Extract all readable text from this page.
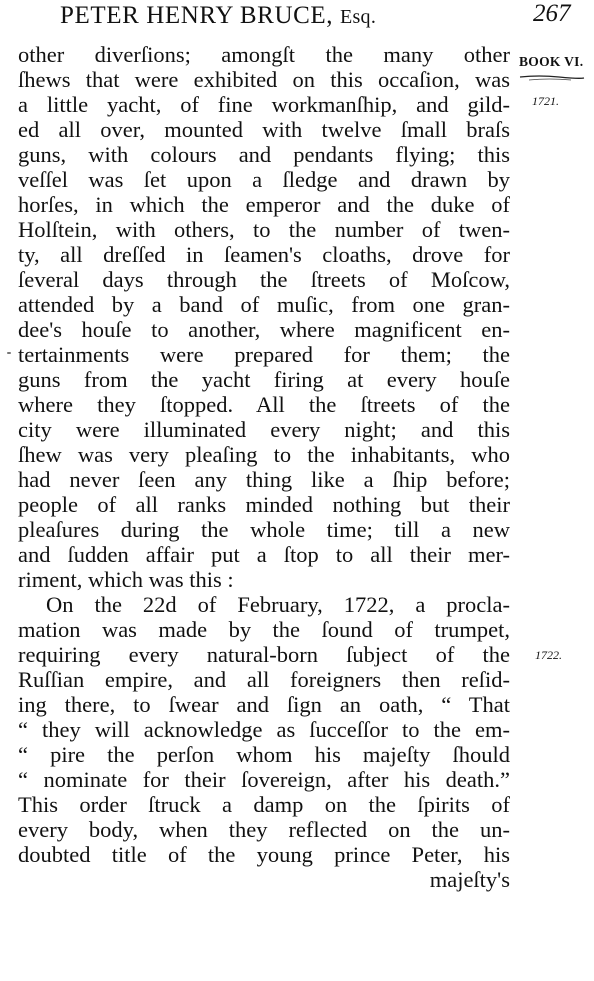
PETER HENRY BRUCE, Esq.	267
BOOK VI.
1721.
1722.
other diverſions; amongſt the many other
ſhews that were exhibited on this occaſion, was
a little yacht, of fine workmanſhip, and gild-
ed all over, mounted with twelve ſmall braſs
guns, with colours and pendants flying; this
veſſel was ſet upon a ſledge and drawn by
horſes, in which the emperor and the duke of
Holſtein, with others, to the number of twen-
ty, all dreſſed in ſeamen's cloaths, drove for
ſeveral days through the ſtreets of Moſcow,
attended by a band of muſic, from one gran-
dee's houſe to another, where magnificent en-
tertainments were prepared for them; the
guns from the yacht firing at every houſe
where they ſtopped. All the ſtreets of the
city were illuminated every night; and this
ſhew was very pleaſing to the inhabitants, who
had never ſeen any thing like a ſhip before;
people of all ranks minded nothing but their
pleaſures during the whole time; till a new
and ſudden affair put a ſtop to all their mer-
riment, which was this :
On the 22d of February, 1722, a procla-
mation was made by the ſound of trumpet,
requiring every natural-born ſubject of the
Ruſſian empire, and all foreigners then reſid-
ing there, to ſwear and ſign an oath, “ That
“ they will acknowledge as ſucceſſor to the em-
“ pire the perſon whom his majeſty ſhould
“ nominate for their ſovereign, after his death.”
This order ſtruck a damp on the ſpirits of
every body, when they reflected on the un-
doubted title of the young prince Peter, his
majeſty's
